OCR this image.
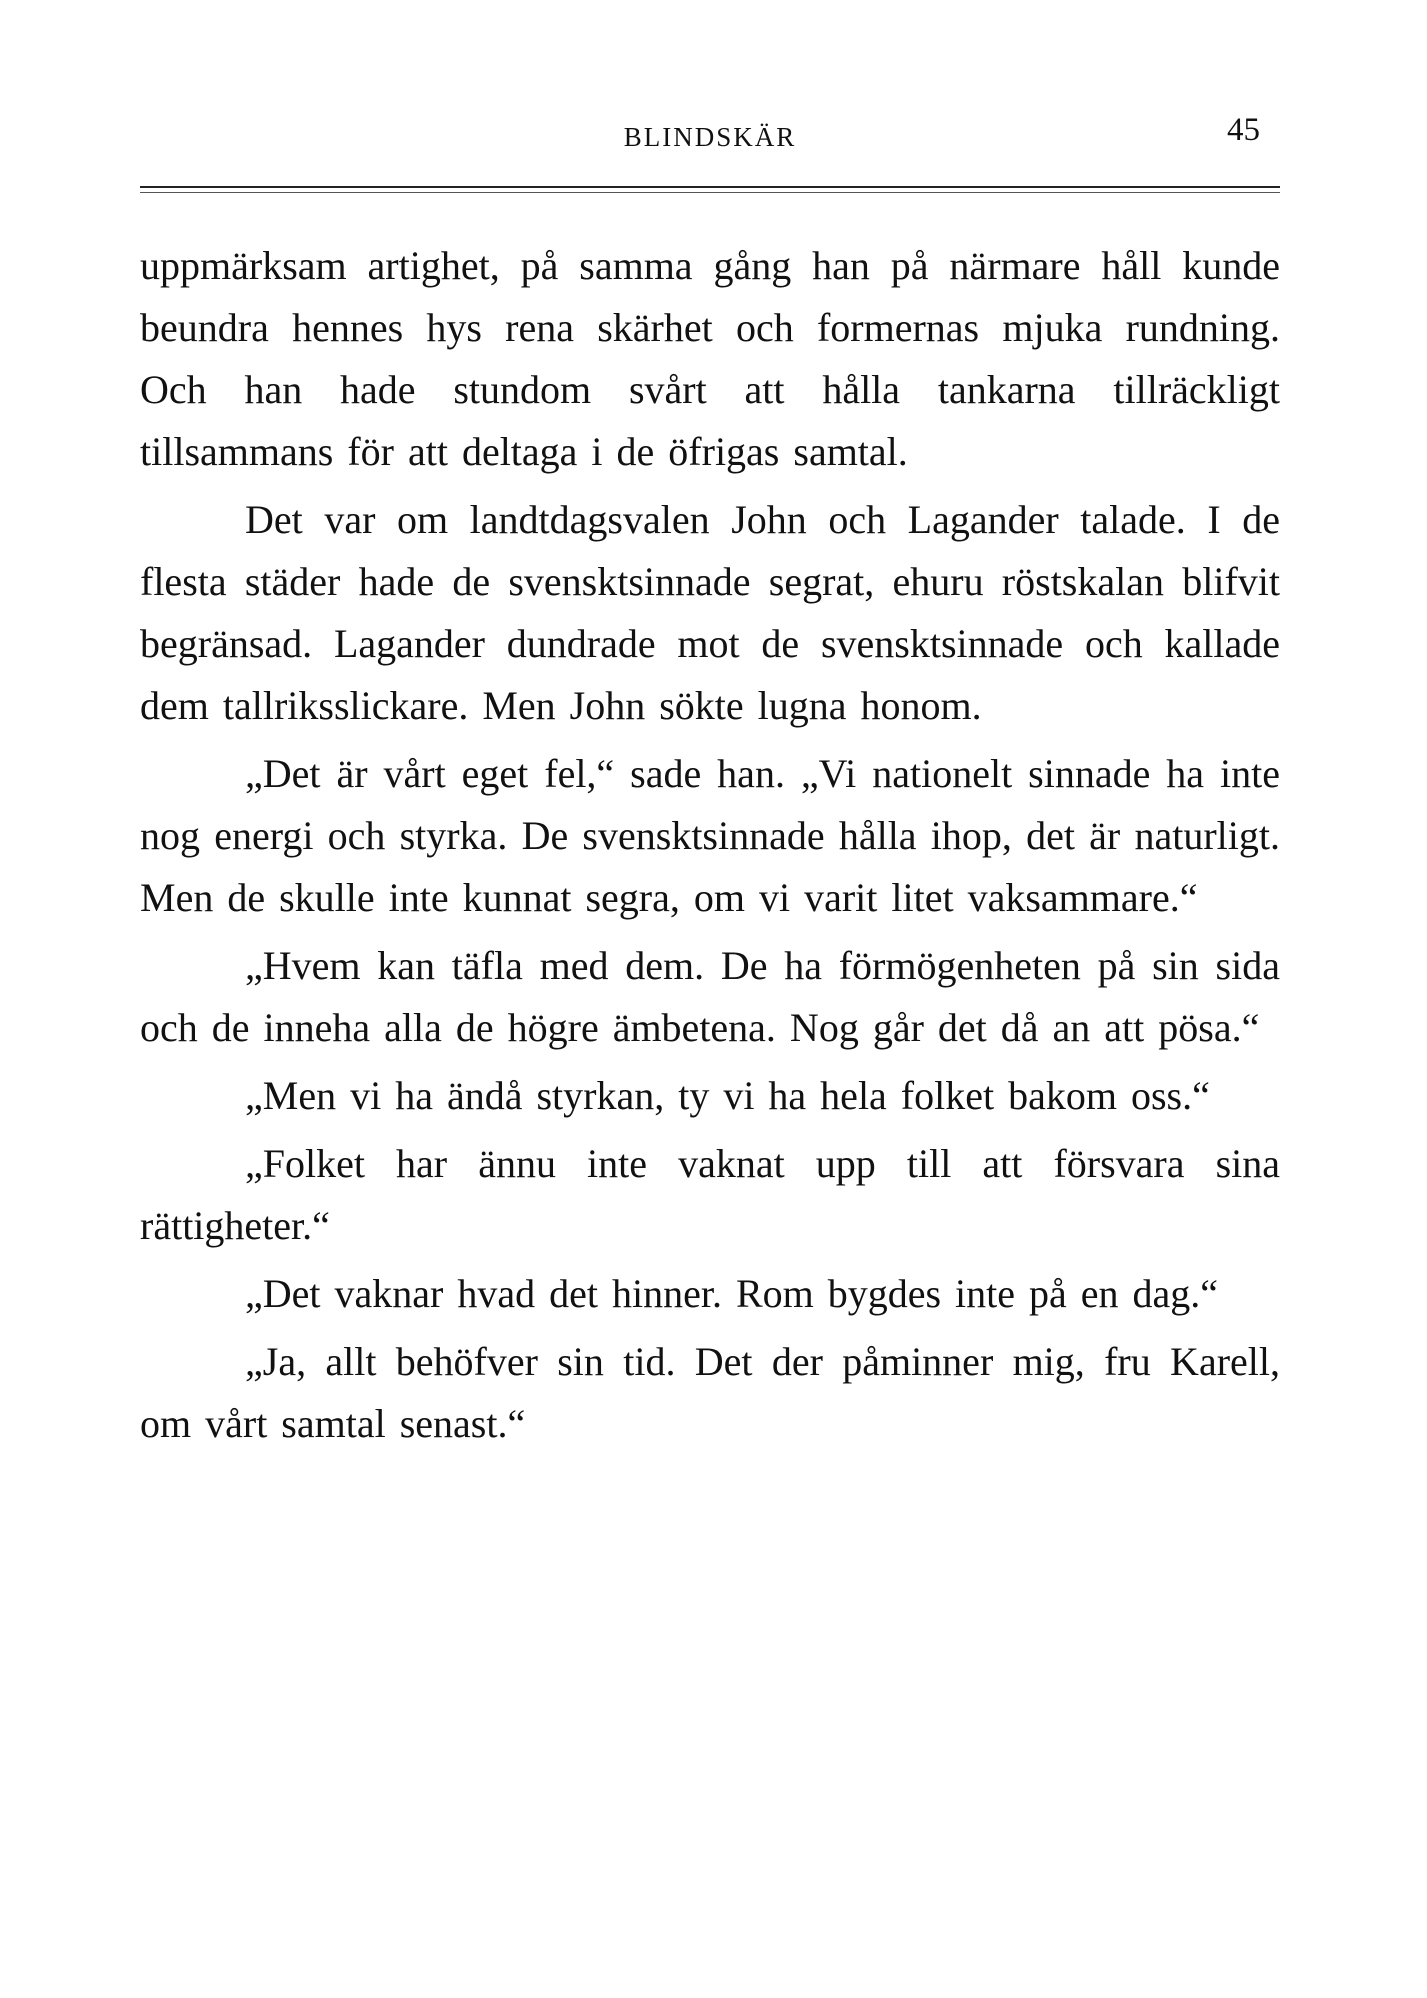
BLINDSKÄR	45

uppmärksam artighet, på samma gång han på närmare håll kunde beundra hennes hys rena skärhet och formernas mjuka rundning. Och han hade stundom svårt att hålla tankarna tillräckligt tillsammans för att deltaga i de öfrigas samtal.

Det var om landtdagsvalen John och Lagander talade. I de flesta städer hade de svensktsinnade segrat, ehuru röstskalan blifvit begränsad. Lagander dundrade mot de svensktsinnade och kallade dem tallriksslickare. Men John sökte lugna honom.

„Det är vårt eget fel,“ sade han. „Vi nationelt sinnade ha inte nog energi och styrka. De svensktsinnade hålla ihop, det är naturligt. Men de skulle inte kunnat segra, om vi varit litet vaksammare.“

„Hvem kan täfla med dem. De ha förmögenheten på sin sida och de inneha alla de högre ämbetena. Nog går det då an att pösa.“

„Men vi ha ändå styrkan, ty vi ha hela folket bakom oss.“

„Folket har ännu inte vaknat upp till att försvara sina rättigheter.“

„Det vaknar hvad det hinner. Rom bygdes inte på en dag.“

„Ja, allt behöfver sin tid. Det der påminner mig, fru Karell, om vårt samtal senast.“
